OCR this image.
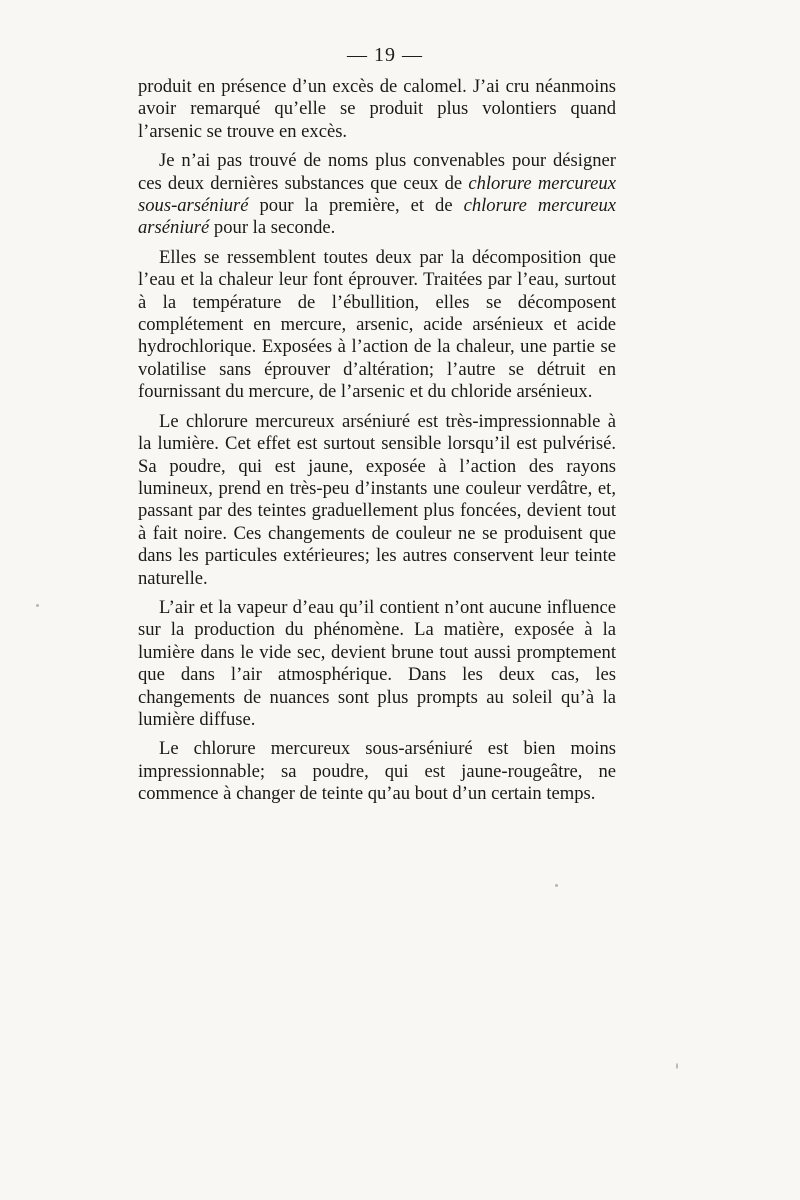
— 19 —

produit en présence d’un excès de calomel. J’ai cru néanmoins avoir remarqué qu’elle se produit plus volontiers quand l’arsenic se trouve en excès.

Je n’ai pas trouvé de noms plus convenables pour désigner ces deux dernières substances que ceux de chlorure mercureux sous-arséniuré pour la première, et de chlorure mercureux arséniuré pour la seconde.

Elles se ressemblent toutes deux par la décomposition que l’eau et la chaleur leur font éprouver. Traitées par l’eau, surtout à la température de l’ébullition, elles se décomposent complétement en mercure, arsenic, acide arsénieux et acide hydrochlorique. Exposées à l’action de la chaleur, une partie se volatilise sans éprouver d’altération; l’autre se détruit en fournissant du mercure, de l’arsenic et du chloride arsénieux.

Le chlorure mercureux arséniuré est très-impressionnable à la lumière. Cet effet est surtout sensible lorsqu’il est pulvérisé. Sa poudre, qui est jaune, exposée à l’action des rayons lumineux, prend en très-peu d’instants une couleur verdâtre, et, passant par des teintes graduellement plus foncées, devient tout à fait noire. Ces changements de couleur ne se produisent que dans les particules extérieures; les autres conservent leur teinte naturelle.

L’air et la vapeur d’eau qu’il contient n’ont aucune influence sur la production du phénomène. La matière, exposée à la lumière dans le vide sec, devient brune tout aussi promptement que dans l’air atmosphérique. Dans les deux cas, les changements de nuances sont plus prompts au soleil qu’à la lumière diffuse.

Le chlorure mercureux sous-arséniuré est bien moins impressionnable; sa poudre, qui est jaune-rougeâtre, ne commence à changer de teinte qu’au bout d’un certain temps.
